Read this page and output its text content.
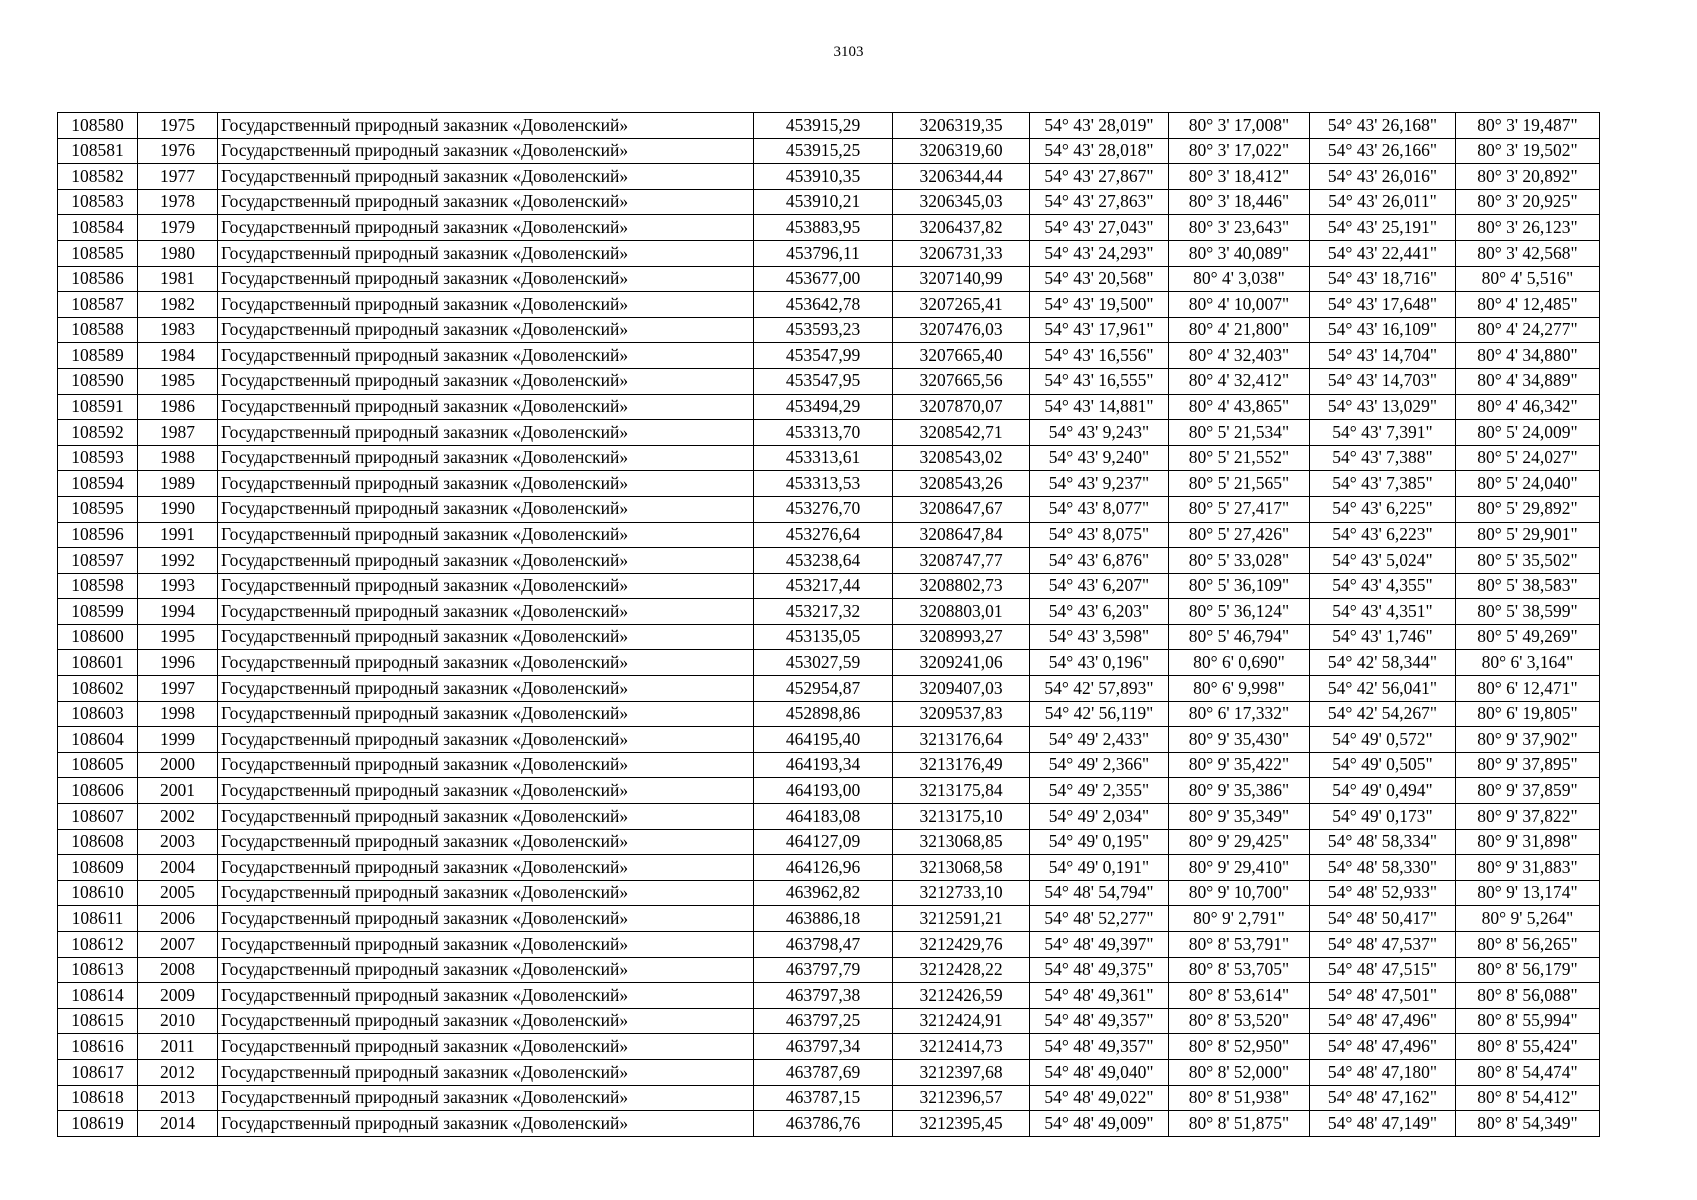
3103
108580	1975	Государственный природный заказник «Доволенский»	453915,29	3206319,35	54° 43' 28,019"	80° 3' 17,008"	54° 43' 26,168"	80° 3' 19,487"
108581	1976	Государственный природный заказник «Доволенский»	453915,25	3206319,60	54° 43' 28,018"	80° 3' 17,022"	54° 43' 26,166"	80° 3' 19,502"
108582	1977	Государственный природный заказник «Доволенский»	453910,35	3206344,44	54° 43' 27,867"	80° 3' 18,412"	54° 43' 26,016"	80° 3' 20,892"
108583	1978	Государственный природный заказник «Доволенский»	453910,21	3206345,03	54° 43' 27,863"	80° 3' 18,446"	54° 43' 26,011"	80° 3' 20,925"
108584	1979	Государственный природный заказник «Доволенский»	453883,95	3206437,82	54° 43' 27,043"	80° 3' 23,643"	54° 43' 25,191"	80° 3' 26,123"
108585	1980	Государственный природный заказник «Доволенский»	453796,11	3206731,33	54° 43' 24,293"	80° 3' 40,089"	54° 43' 22,441"	80° 3' 42,568"
108586	1981	Государственный природный заказник «Доволенский»	453677,00	3207140,99	54° 43' 20,568"	80° 4' 3,038"	54° 43' 18,716"	80° 4' 5,516"
108587	1982	Государственный природный заказник «Доволенский»	453642,78	3207265,41	54° 43' 19,500"	80° 4' 10,007"	54° 43' 17,648"	80° 4' 12,485"
108588	1983	Государственный природный заказник «Доволенский»	453593,23	3207476,03	54° 43' 17,961"	80° 4' 21,800"	54° 43' 16,109"	80° 4' 24,277"
108589	1984	Государственный природный заказник «Доволенский»	453547,99	3207665,40	54° 43' 16,556"	80° 4' 32,403"	54° 43' 14,704"	80° 4' 34,880"
108590	1985	Государственный природный заказник «Доволенский»	453547,95	3207665,56	54° 43' 16,555"	80° 4' 32,412"	54° 43' 14,703"	80° 4' 34,889"
108591	1986	Государственный природный заказник «Доволенский»	453494,29	3207870,07	54° 43' 14,881"	80° 4' 43,865"	54° 43' 13,029"	80° 4' 46,342"
108592	1987	Государственный природный заказник «Доволенский»	453313,70	3208542,71	54° 43' 9,243"	80° 5' 21,534"	54° 43' 7,391"	80° 5' 24,009"
108593	1988	Государственный природный заказник «Доволенский»	453313,61	3208543,02	54° 43' 9,240"	80° 5' 21,552"	54° 43' 7,388"	80° 5' 24,027"
108594	1989	Государственный природный заказник «Доволенский»	453313,53	3208543,26	54° 43' 9,237"	80° 5' 21,565"	54° 43' 7,385"	80° 5' 24,040"
108595	1990	Государственный природный заказник «Доволенский»	453276,70	3208647,67	54° 43' 8,077"	80° 5' 27,417"	54° 43' 6,225"	80° 5' 29,892"
108596	1991	Государственный природный заказник «Доволенский»	453276,64	3208647,84	54° 43' 8,075"	80° 5' 27,426"	54° 43' 6,223"	80° 5' 29,901"
108597	1992	Государственный природный заказник «Доволенский»	453238,64	3208747,77	54° 43' 6,876"	80° 5' 33,028"	54° 43' 5,024"	80° 5' 35,502"
108598	1993	Государственный природный заказник «Доволенский»	453217,44	3208802,73	54° 43' 6,207"	80° 5' 36,109"	54° 43' 4,355"	80° 5' 38,583"
108599	1994	Государственный природный заказник «Доволенский»	453217,32	3208803,01	54° 43' 6,203"	80° 5' 36,124"	54° 43' 4,351"	80° 5' 38,599"
108600	1995	Государственный природный заказник «Доволенский»	453135,05	3208993,27	54° 43' 3,598"	80° 5' 46,794"	54° 43' 1,746"	80° 5' 49,269"
108601	1996	Государственный природный заказник «Доволенский»	453027,59	3209241,06	54° 43' 0,196"	80° 6' 0,690"	54° 42' 58,344"	80° 6' 3,164"
108602	1997	Государственный природный заказник «Доволенский»	452954,87	3209407,03	54° 42' 57,893"	80° 6' 9,998"	54° 42' 56,041"	80° 6' 12,471"
108603	1998	Государственный природный заказник «Доволенский»	452898,86	3209537,83	54° 42' 56,119"	80° 6' 17,332"	54° 42' 54,267"	80° 6' 19,805"
108604	1999	Государственный природный заказник «Доволенский»	464195,40	3213176,64	54° 49' 2,433"	80° 9' 35,430"	54° 49' 0,572"	80° 9' 37,902"
108605	2000	Государственный природный заказник «Доволенский»	464193,34	3213176,49	54° 49' 2,366"	80° 9' 35,422"	54° 49' 0,505"	80° 9' 37,895"
108606	2001	Государственный природный заказник «Доволенский»	464193,00	3213175,84	54° 49' 2,355"	80° 9' 35,386"	54° 49' 0,494"	80° 9' 37,859"
108607	2002	Государственный природный заказник «Доволенский»	464183,08	3213175,10	54° 49' 2,034"	80° 9' 35,349"	54° 49' 0,173"	80° 9' 37,822"
108608	2003	Государственный природный заказник «Доволенский»	464127,09	3213068,85	54° 49' 0,195"	80° 9' 29,425"	54° 48' 58,334"	80° 9' 31,898"
108609	2004	Государственный природный заказник «Доволенский»	464126,96	3213068,58	54° 49' 0,191"	80° 9' 29,410"	54° 48' 58,330"	80° 9' 31,883"
108610	2005	Государственный природный заказник «Доволенский»	463962,82	3212733,10	54° 48' 54,794"	80° 9' 10,700"	54° 48' 52,933"	80° 9' 13,174"
108611	2006	Государственный природный заказник «Доволенский»	463886,18	3212591,21	54° 48' 52,277"	80° 9' 2,791"	54° 48' 50,417"	80° 9' 5,264"
108612	2007	Государственный природный заказник «Доволенский»	463798,47	3212429,76	54° 48' 49,397"	80° 8' 53,791"	54° 48' 47,537"	80° 8' 56,265"
108613	2008	Государственный природный заказник «Доволенский»	463797,79	3212428,22	54° 48' 49,375"	80° 8' 53,705"	54° 48' 47,515"	80° 8' 56,179"
108614	2009	Государственный природный заказник «Доволенский»	463797,38	3212426,59	54° 48' 49,361"	80° 8' 53,614"	54° 48' 47,501"	80° 8' 56,088"
108615	2010	Государственный природный заказник «Доволенский»	463797,25	3212424,91	54° 48' 49,357"	80° 8' 53,520"	54° 48' 47,496"	80° 8' 55,994"
108616	2011	Государственный природный заказник «Доволенский»	463797,34	3212414,73	54° 48' 49,357"	80° 8' 52,950"	54° 48' 47,496"	80° 8' 55,424"
108617	2012	Государственный природный заказник «Доволенский»	463787,69	3212397,68	54° 48' 49,040"	80° 8' 52,000"	54° 48' 47,180"	80° 8' 54,474"
108618	2013	Государственный природный заказник «Доволенский»	463787,15	3212396,57	54° 48' 49,022"	80° 8' 51,938"	54° 48' 47,162"	80° 8' 54,412"
108619	2014	Государственный природный заказник «Доволенский»	463786,76	3212395,45	54° 48' 49,009"	80° 8' 51,875"	54° 48' 47,149"	80° 8' 54,349"
